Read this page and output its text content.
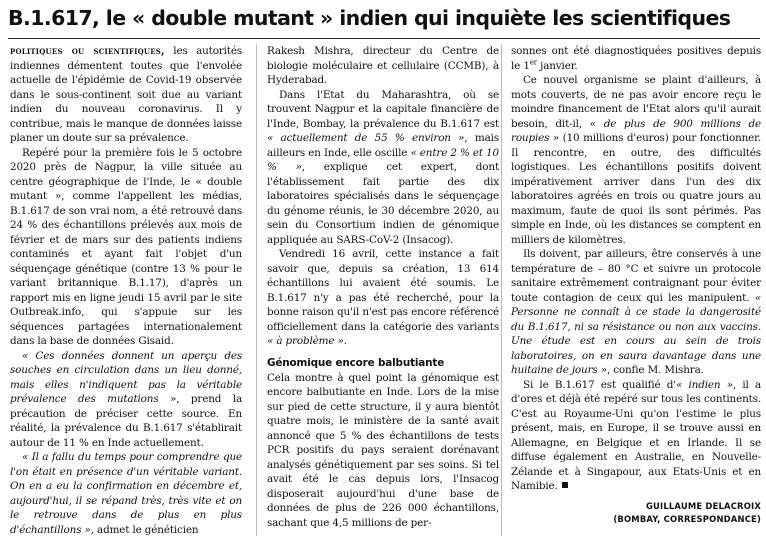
B.1.617, le « double mutant » indien qui inquiète les scientifiques

politiques ou scientifiques, les autorités indiennes démentent toutes que l'envolée actuelle de l'épidémie de Covid-19 observée dans le sous-continent soit due au variant indien du nouveau coronavirus. Il y contribue, mais le manque de données laisse planer un doute sur sa prévalence.

Repéré pour la première fois le 5 octobre 2020 près de Nagpur, la ville située au centre géographique de l'Inde, le « double mutant », comme l'appellent les médias, B.1.617 de son vrai nom, a été retrouvé dans 24 % des échantillons prélevés aux mois de février et de mars sur des patients indiens contaminés et ayant fait l'objet d'un séquençage génétique (contre 13 % pour le variant britannique B.1.17), d'après un rapport mis en ligne jeudi 15 avril par le site Outbreak.info, qui s'appuie sur les séquences partagées internationalement dans la base de données Gisaid.

« Ces données donnent un aperçu des souches en circulation dans un lieu donné, mais elles n'indiquent pas la véritable prévalence des mutations », prend la précaution de préciser cette source. En réalité, la prévalence du B.1.617 s'établirait autour de 11 % en Inde actuellement.

« Il a fallu du temps pour comprendre que l'on était en présence d'un véritable variant. On en a eu la confirmation en décembre et, aujourd'hui, il se répand très, très vite et on le retrouve dans de plus en plus d'échantillons », admet le généticien

Rakesh Mishra, directeur du Centre de biologie moléculaire et cellulaire (CCMB), à Hyderabad.

Dans l'Etat du Maharashtra, où se trouvent Nagpur et la capitale financière de l'Inde, Bombay, la prévalence du B.1.617 est « actuellement de 55 % environ », mais ailleurs en Inde, elle oscille « entre 2 % et 10 % », explique cet expert, dont l'établissement fait partie des dix laboratoires spécialisés dans le séquençage du génome réunis, le 30 décembre 2020, au sein du Consortium indien de génomique appliquée au SARS-CoV-2 (Insacog).

Vendredi 16 avril, cette instance a fait savoir que, depuis sa création, 13 614 échantillons lui avaient été soumis. Le B.1.617 n'y a pas été recherché, pour la bonne raison qu'il n'est pas encore référencé officiellement dans la catégorie des variants « à problème ».

Génomique encore balbutiante

Cela montre à quel point la génomique est encore balbutiante en Inde. Lors de la mise sur pied de cette structure, il y aura bientôt quatre mois, le ministère de la santé avait annoncé que 5 % des échantillons de tests PCR positifs du pays seraient dorénavant analysés génétiquement par ses soins. Si tel avait été le cas depuis lors, l'Insacog disposerait aujourd'hui d'une base de données de plus de 226 000 échantillons, sachant que 4,5 millions de per-

sonnes ont été diagnostiquées positives depuis le 1er janvier.

Ce nouvel organisme se plaint d'ailleurs, à mots couverts, de ne pas avoir encore reçu le moindre financement de l'Etat alors qu'il aurait besoin, dit-il, « de plus de 900 millions de roupies » (10 millions d'euros) pour fonctionner. Il rencontre, en outre, des difficultés logistiques. Les échantillons positifs doivent impérativement arriver dans l'un des dix laboratoires agréés en trois ou quatre jours au maximum, faute de quoi ils sont périmés. Pas simple en Inde, où les distances se comptent en milliers de kilomètres.

Ils doivent, par ailleurs, être conservés à une température de – 80 °C et suivre un protocole sanitaire extrêmement contraignant pour éviter toute contagion de ceux qui les manipulent. « Personne ne connaît à ce stade la dangerosité du B.1.617, ni sa résistance ou non aux vaccins. Une étude est en cours au sein de trois laboratoires, on en saura davantage dans une huitaine de jours », confie M. Mishra.

Si le B.1.617 est qualifié d'« indien », il a d'ores et déjà été repéré sur tous les continents. C'est au Royaume-Uni qu'on l'estime le plus présent, mais, en Europe, il se trouve aussi en Allemagne, en Belgique et en Irlande. Il se diffuse également en Australie, en Nouvelle-Zélande et à Singapour, aux Etats-Unis et en Namibie.

GUILLAUME DELACROIX
(BOMBAY, CORRESPONDANCE)
